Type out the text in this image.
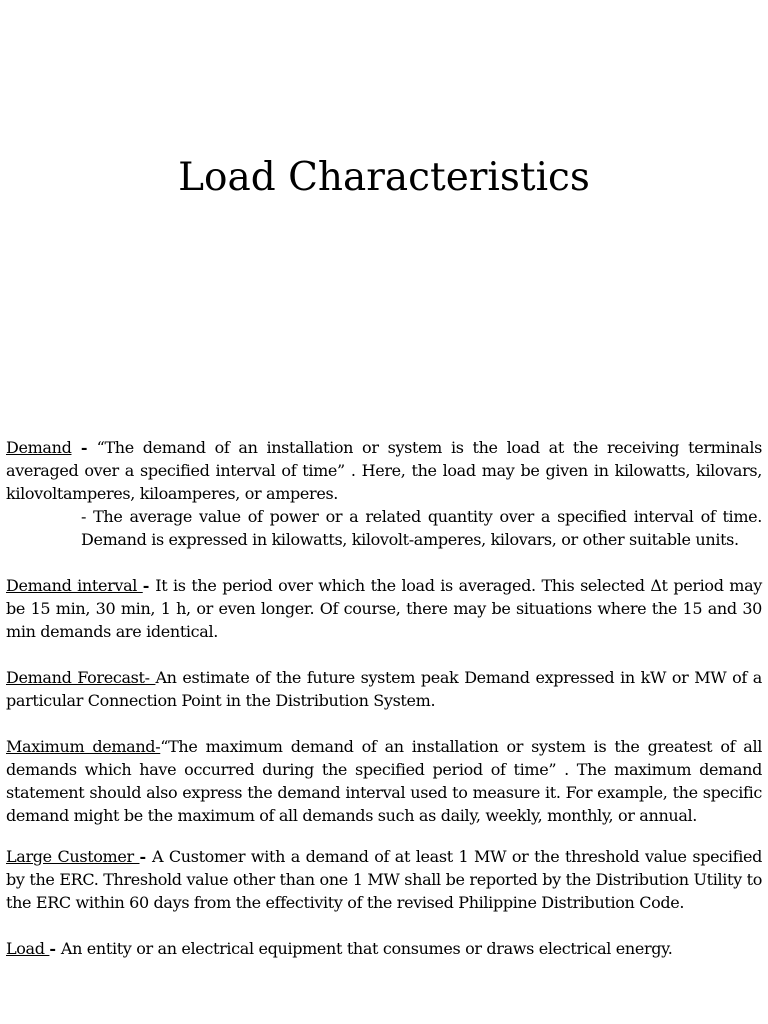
Load Characteristics

Demand - “The demand of an installation or system is the load at the receiving terminals averaged over a specified interval of time” . Here, the load may be given in kilowatts, kilovars, kilovoltamperes, kiloamperes, or amperes.

- The average value of power or a related quantity over a specified interval of time. Demand is expressed in kilowatts, kilovolt-amperes, kilovars, or other suitable units.

Demand interval - It is the period over which the load is averaged. This selected Δt period may be 15 min, 30 min, 1 h, or even longer. Of course, there may be situations where the 15 and 30 min demands are identical.

Demand Forecast- An estimate of the future system peak Demand expressed in kW or MW of a particular Connection Point in the Distribution System.

Maximum demand-“The maximum demand of an installation or system is the greatest of all demands which have occurred during the specified period of time” . The maximum demand statement should also express the demand interval used to measure it. For example, the specific demand might be the maximum of all demands such as daily, weekly, monthly, or annual.

Large Customer - A Customer with a demand of at least 1 MW or the threshold value specified by the ERC. Threshold value other than one 1 MW shall be reported by the Distribution Utility to the ERC within 60 days from the effectivity of the revised Philippine Distribution Code.

Load - An entity or an electrical equipment that consumes or draws electrical energy.
